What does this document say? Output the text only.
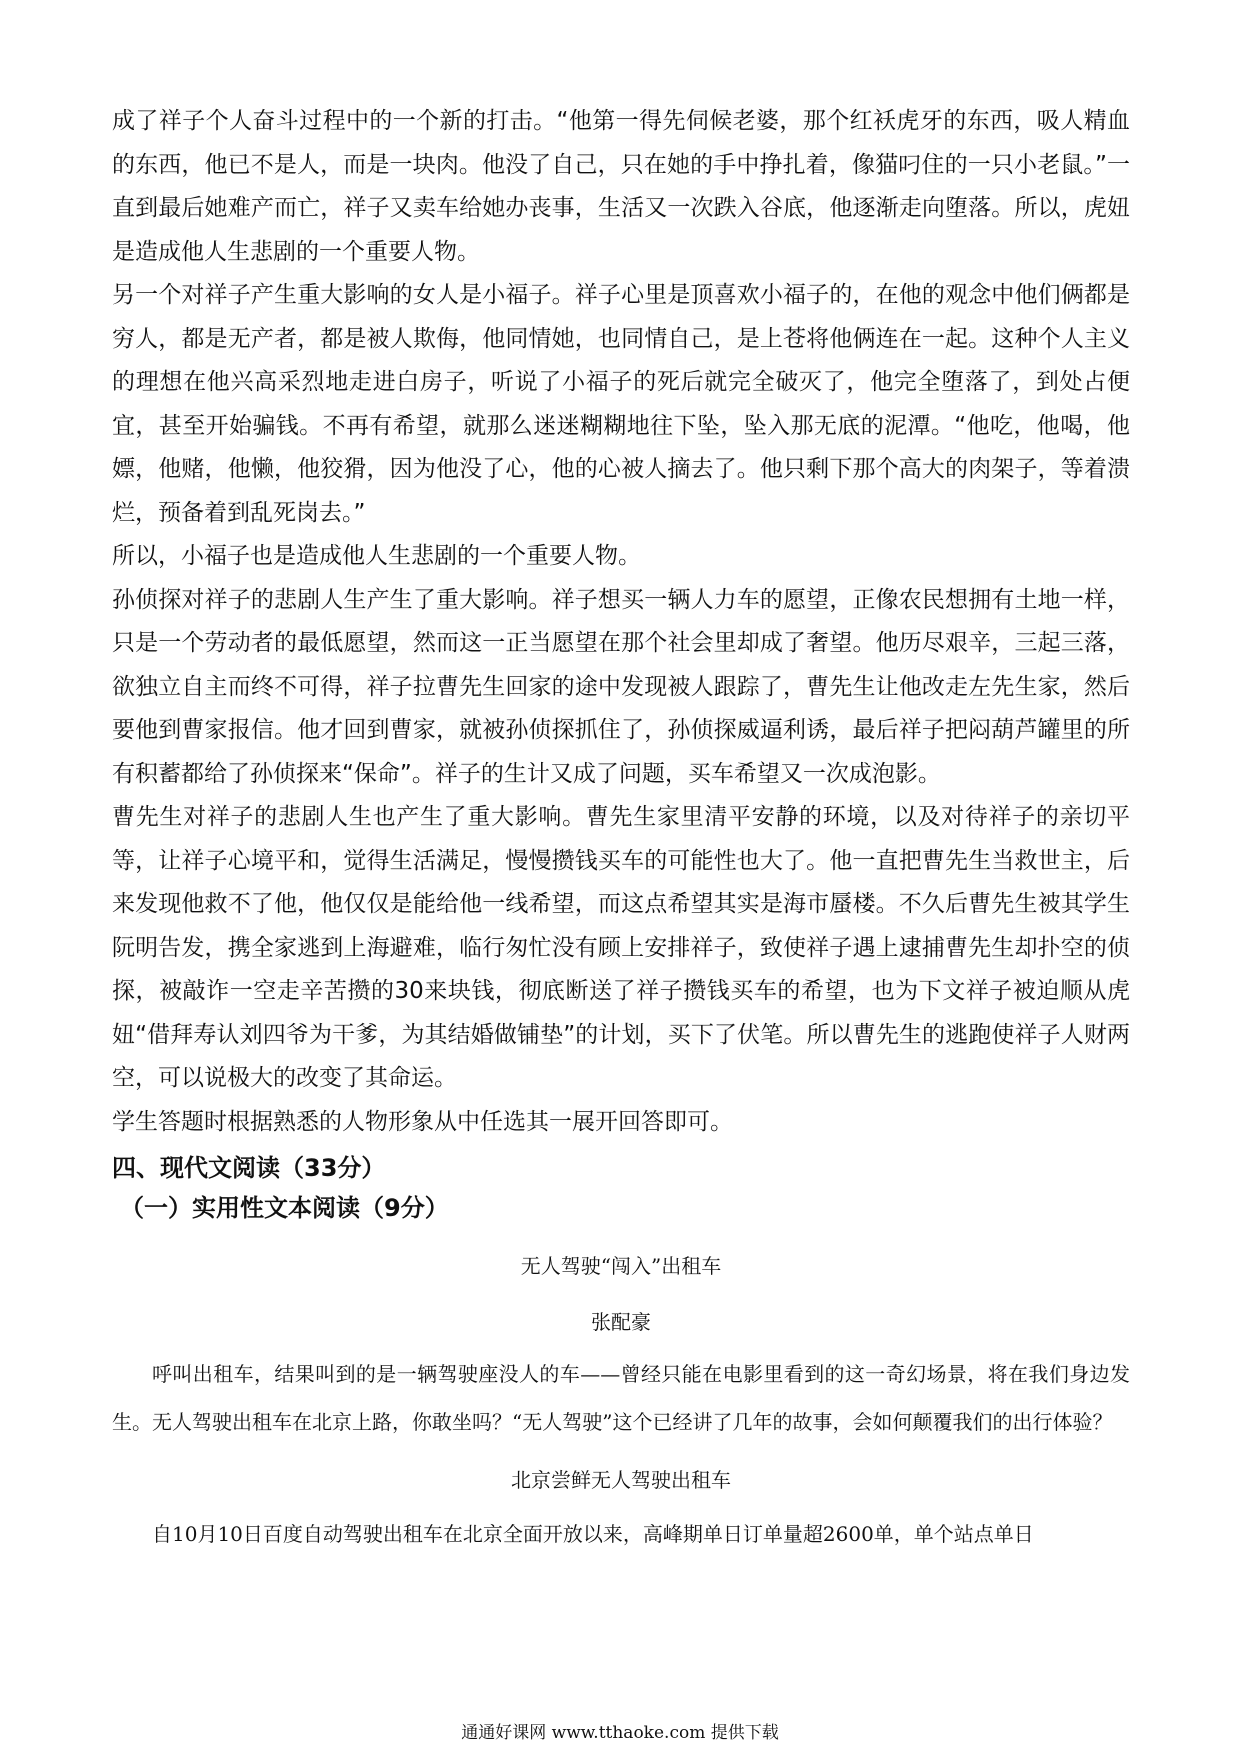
成了祥子个人奋斗过程中的一个新的打击。“他第一得先伺候老婆，那个红袄虎牙的东西，吸人精血的东西，他已不是人，而是一块肉。他没了自己，只在她的手中挣扎着，像猫叼住的一只小老鼠。”一直到最后她难产而亡，祥子又卖车给她办丧事，生活又一次跌入谷底，他逐渐走向堕落。所以，虎妞是造成他人生悲剧的一个重要人物。

另一个对祥子产生重大影响的女人是小福子。祥子心里是顶喜欢小福子的，在他的观念中他们俩都是穷人，都是无产者，都是被人欺侮，他同情她，也同情自己，是上苍将他俩连在一起。这种个人主义的理想在他兴高采烈地走进白房子，听说了小福子的死后就完全破灭了，他完全堕落了，到处占便宜，甚至开始骗钱。不再有希望，就那么迷迷糊糊地往下坠，坠入那无底的泥潭。“他吃，他喝，他嫖，他赌，他懒，他狡猾，因为他没了心，他的心被人摘去了。他只剩下那个高大的肉架子，等着溃烂，预备着到乱死岗去。”

所以，小福子也是造成他人生悲剧的一个重要人物。

孙侦探对祥子的悲剧人生产生了重大影响。祥子想买一辆人力车的愿望，正像农民想拥有土地一样，只是一个劳动者的最低愿望，然而这一正当愿望在那个社会里却成了奢望。他历尽艰辛，三起三落，欲独立自主而终不可得，祥子拉曹先生回家的途中发现被人跟踪了，曹先生让他改走左先生家，然后要他到曹家报信。他才回到曹家，就被孙侦探抓住了，孙侦探威逼利诱，最后祥子把闷葫芦罐里的所有积蓄都给了孙侦探来“保命”。祥子的生计又成了问题，买车希望又一次成泡影。

曹先生对祥子的悲剧人生也产生了重大影响。曹先生家里清平安静的环境，以及对待祥子的亲切平等，让祥子心境平和，觉得生活满足，慢慢攒钱买车的可能性也大了。他一直把曹先生当救世主，后来发现他救不了他，他仅仅是能给他一线希望，而这点希望其实是海市蜃楼。不久后曹先生被其学生阮明告发，携全家逃到上海避难，临行匆忙没有顾上安排祥子，致使祥子遇上逮捕曹先生却扑空的侦探，被敲诈一空走辛苦攒的30来块钱，彻底断送了祥子攒钱买车的希望，也为下文祥子被迫顺从虎妞“借拜寿认刘四爷为干爹，为其结婚做铺垫”的计划，买下了伏笔。所以曹先生的逃跑使祥子人财两空，可以说极大的改变了其命运。

学生答题时根据熟悉的人物形象从中任选其一展开回答即可。

四、现代文阅读（33分）

（一）实用性文本阅读（9分）

无人驾驶“闯入”出租车

张配豪

呼叫出租车，结果叫到的是一辆驾驶座没人的车——曾经只能在电影里看到的这一奇幻场景，将在我们身边发生。无人驾驶出租车在北京上路，你敢坐吗？“无人驾驶”这个已经讲了几年的故事，会如何颠覆我们的出行体验？

北京尝鲜无人驾驶出租车

自10月10日百度自动驾驶出租车在北京全面开放以来，高峰期单日订单量超2600单，单个站点单日

通通好课网 www.tthaoke.com 提供下载
